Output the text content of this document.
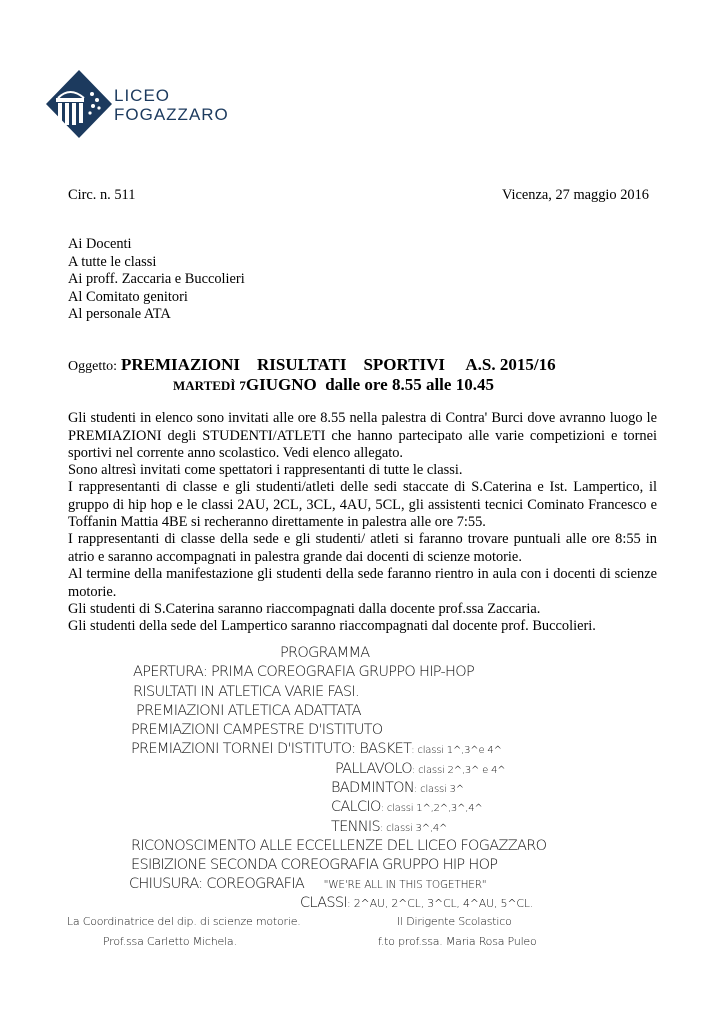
LICEO
FOGAZZARO
Circ. n. 511	Vicenza, 27 maggio 2016
Ai Docenti
A tutte le classi
Ai proff. Zaccaria e Buccolieri
Al Comitato genitori
Al personale ATA
Oggetto: PREMIAZIONI    RISULTATI    SPORTIVI     A.S. 2015/16
MARTEDÌ 7GIUGNO  dalle ore 8.55 alle 10.45
Gli studenti in elenco sono invitati alle ore 8.55 nella palestra di Contra' Burci dove avranno luogo le PREMIAZIONI degli STUDENTI/ATLETI che hanno partecipato alle varie competizioni e tornei sportivi nel corrente anno scolastico. Vedi elenco allegato.
Sono altresì invitati come spettatori i rappresentanti di tutte le classi.
I rappresentanti di classe e gli studenti/atleti delle sedi staccate di S.Caterina e Ist. Lampertico, il gruppo di hip hop e le classi 2AU, 2CL, 3CL, 4AU, 5CL, gli assistenti tecnici Cominato Francesco e Toffanin Mattia 4BE si recheranno direttamente in palestra alle ore 7:55.
I rappresentanti di classe della sede e gli studenti/ atleti si faranno trovare puntuali alle ore 8:55 in atrio e saranno accompagnati in palestra grande dai docenti di scienze motorie.
Al termine della manifestazione gli studenti della sede faranno rientro in aula con i docenti di scienze motorie.
Gli studenti di S.Caterina saranno riaccompagnati dalla docente prof.ssa Zaccaria.
Gli studenti della sede del Lampertico saranno riaccompagnati dal docente prof. Buccolieri.
PROGRAMMA
APERTURA: PRIMA COREOGRAFIA GRUPPO HIP-HOP
RISULTATI IN ATLETICA VARIE FASI.
PREMIAZIONI ATLETICA ADATTATA
PREMIAZIONI CAMPESTRE D'ISTITUTO
PREMIAZIONI TORNEI D'ISTITUTO: BASKET: classi 1^,3^e 4^
PALLAVOLO: classi 2^,3^ e 4^
BADMINTON: classi 3^
CALCIO: classi 1^,2^,3^,4^
TENNIS: classi 3^,4^
RICONOSCIMENTO ALLE ECCELLENZE DEL LICEO FOGAZZARO
ESIBIZIONE SECONDA COREOGRAFIA GRUPPO HIP HOP
CHIUSURA: COREOGRAFIA "WE'RE ALL IN THIS TOGETHER"
CLASSI: 2^AU, 2^CL, 3^CL, 4^AU, 5^CL.
La Coordinatrice del dip. di scienze motorie.
Prof.ssa Carletto Michela.
Il Dirigente Scolastico
f.to prof.ssa. Maria Rosa Puleo
